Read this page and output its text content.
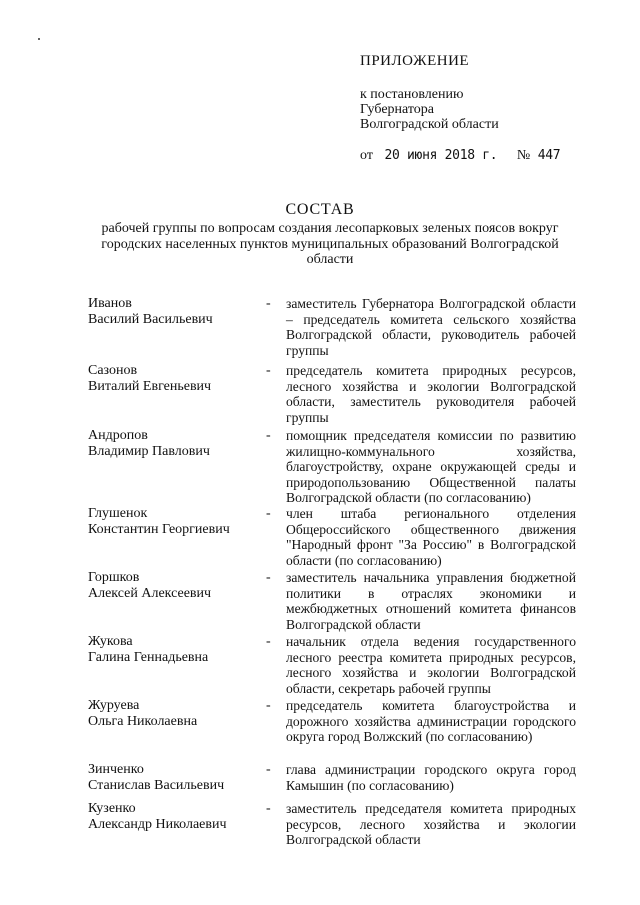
ПРИЛОЖЕНИЕ
к постановлению
Губернатора
Волгоградской области
от 20 июня 2018 г. № 447
СОСТАВ
рабочей группы по вопросам создания лесопарковых зеленых поясов вокруг городских населенных пунктов муниципальных образований Волгоградской области
Иванов
Василий Васильевич
- заместитель Губернатора Волгоградской области – председатель комитета сельского хозяйства Волгоградской области, руководитель рабочей группы
Сазонов
Виталий Евгеньевич
- председатель комитета природных ресурсов, лесного хозяйства и экологии Волгоградской области, заместитель руководителя рабочей группы
Андропов
Владимир Павлович
- помощник председателя комиссии по развитию жилищно-коммунального хозяйства, благоустройству, охране окружающей среды и природопользованию Общественной палаты Волгоградской области (по согласованию)
Глушенок
Константин Георгиевич
- член штаба регионального отделения Общероссийского общественного движения "Народный фронт "За Россию" в Волгоградской области (по согласованию)
Горшков
Алексей Алексеевич
- заместитель начальника управления бюджетной политики в отраслях экономики и межбюджетных отношений комитета финансов Волгоградской области
Жукова
Галина Геннадьевна
- начальник отдела ведения государственного лесного реестра комитета природных ресурсов, лесного хозяйства и экологии Волгоградской области, секретарь рабочей группы
Журуева
Ольга Николаевна
- председатель комитета благоустройства и дорожного хозяйства администрации городского округа город Волжский (по согласованию)
Зинченко
Станислав Васильевич
- глава администрации городского округа город Камышин (по согласованию)
Кузенко
Александр Николаевич
- заместитель председателя комитета природных ресурсов, лесного хозяйства и экологии Волгоградской области
